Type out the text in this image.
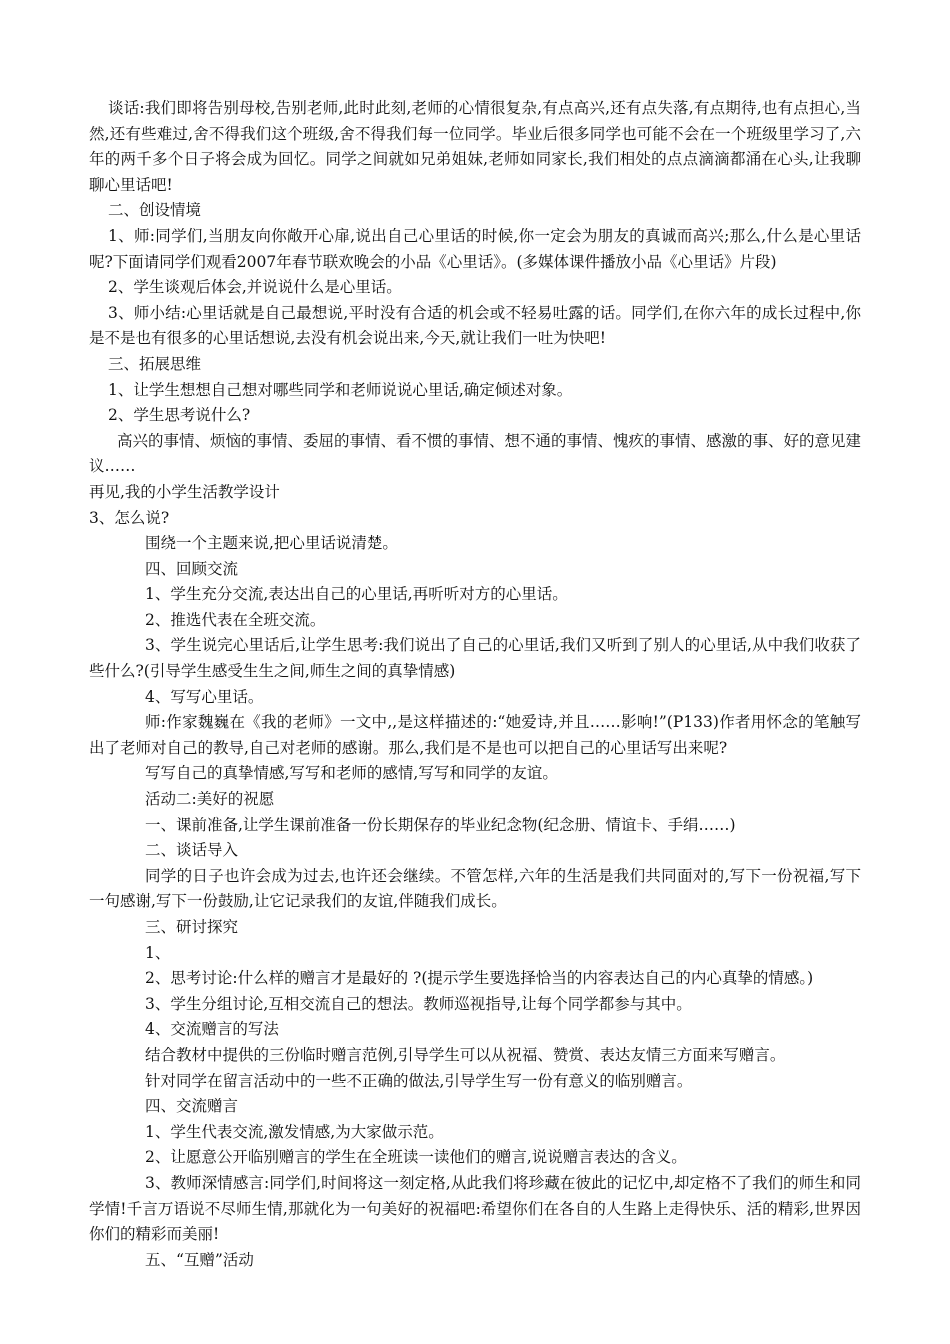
谈话:我们即将告别母校,告别老师,此时此刻,老师的心情很复杂,有点高兴,还有点失落,有点期待,也有点担心,当然,还有些难过,舍不得我们这个班级,舍不得我们每一位同学。毕业后很多同学也可能不会在一个班级里学习了,六年的两千多个日子将会成为回忆。同学之间就如兄弟姐妹,老师如同家长,我们相处的点点滴滴都涌在心头,让我聊聊心里话吧!

二、创设情境

1、师:同学们,当朋友向你敞开心扉,说出自己心里话的时候,你一定会为朋友的真诚而高兴;那么,什么是心里话呢?下面请同学们观看2007年春节联欢晚会的小品《心里话》。(多媒体课件播放小品《心里话》片段)

2、学生谈观后体会,并说说什么是心里话。

3、师小结:心里话就是自己最想说,平时没有合适的机会或不轻易吐露的话。同学们,在你六年的成长过程中,你是不是也有很多的心里话想说,去没有机会说出来,今天,就让我们一吐为快吧!

三、拓展思维

1、让学生想想自己想对哪些同学和老师说说心里话,确定倾述对象。

2、学生思考说什么?

高兴的事情、烦恼的事情、委屈的事情、看不惯的事情、想不通的事情、愧疚的事情、感激的事、好的意见建议……

再见,我的小学生活教学设计

3、怎么说?

围绕一个主题来说,把心里话说清楚。

四、回顾交流

1、学生充分交流,表达出自己的心里话,再听听对方的心里话。

2、推选代表在全班交流。

3、学生说完心里话后,让学生思考:我们说出了自己的心里话,我们又听到了别人的心里话,从中我们收获了些什么?(引导学生感受生生之间,师生之间的真挚情感)

4、写写心里话。

师:作家魏巍在《我的老师》一文中,,是这样描述的:“她爱诗,并且……影响!”(P133)作者用怀念的笔触写出了老师对自己的教导,自己对老师的感谢。那么,我们是不是也可以把自己的心里话写出来呢?

写写自己的真挚情感,写写和老师的感情,写写和同学的友谊。

活动二:美好的祝愿

一、课前准备,让学生课前准备一份长期保存的毕业纪念物(纪念册、情谊卡、手绢……)

二、谈话导入

同学的日子也许会成为过去,也许还会继续。不管怎样,六年的生活是我们共同面对的,写下一份祝福,写下一句感谢,写下一份鼓励,让它记录我们的友谊,伴随我们成长。

三、研讨探究

1、

2、思考讨论:什么样的赠言才是最好的 ?(提示学生要选择恰当的内容表达自己的内心真挚的情感。)

3、学生分组讨论,互相交流自己的想法。教师巡视指导,让每个同学都参与其中。

4、交流赠言的写法

结合教材中提供的三份临时赠言范例,引导学生可以从祝福、赞赏、表达友情三方面来写赠言。

针对同学在留言活动中的一些不正确的做法,引导学生写一份有意义的临别赠言。

四、交流赠言

1、学生代表交流,激发情感,为大家做示范。

2、让愿意公开临别赠言的学生在全班读一读他们的赠言,说说赠言表达的含义。

3、教师深情感言:同学们,时间将这一刻定格,从此我们将珍藏在彼此的记忆中,却定格不了我们的师生和同学情!千言万语说不尽师生情,那就化为一句美好的祝福吧:希望你们在各自的人生路上走得快乐、活的精彩,世界因你们的精彩而美丽!

五、“互赠”活动
